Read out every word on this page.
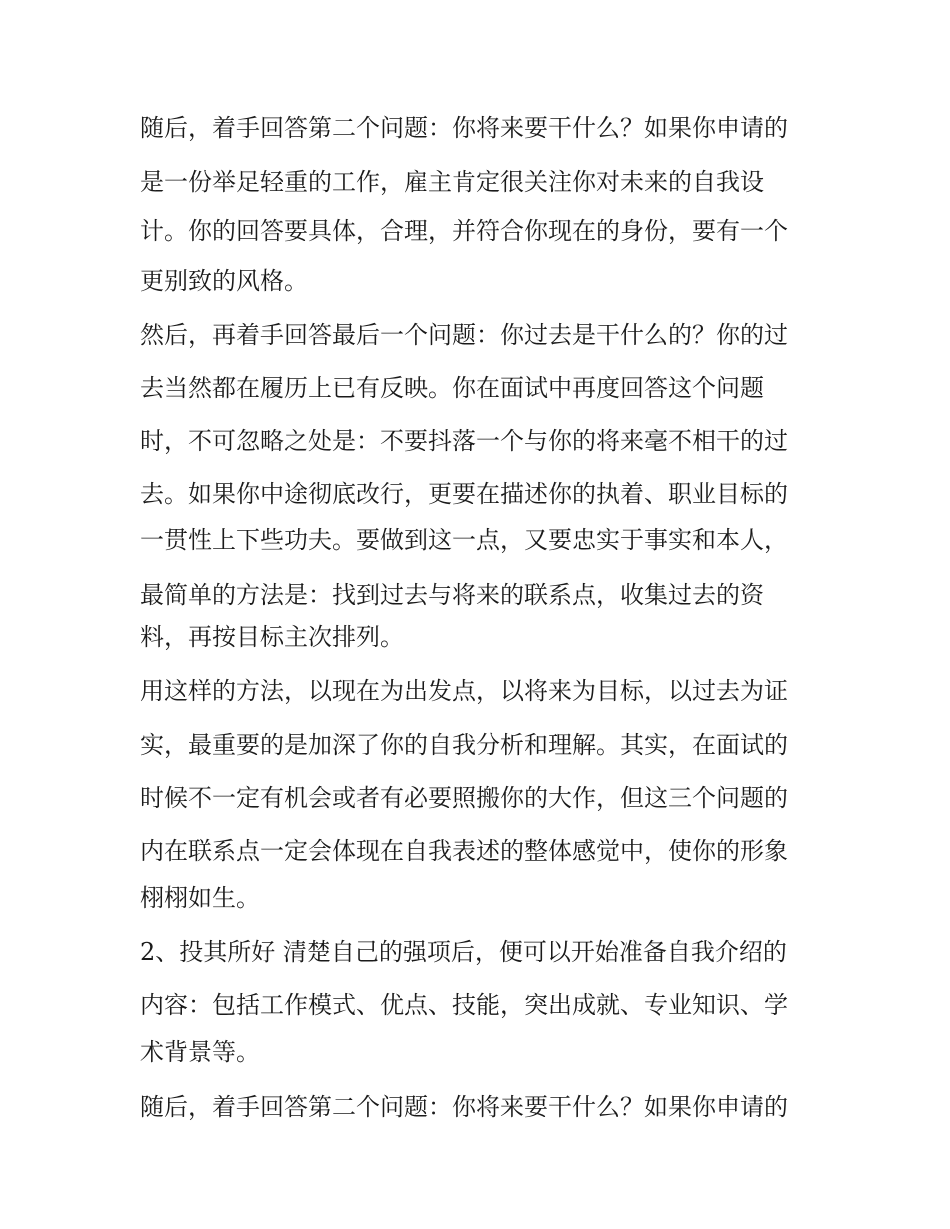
随后，着手回答第二个问题：你将来要干什么？如果你申请的
是一份举足轻重的工作，雇主肯定很关注你对未来的自我设
计。你的回答要具体，合理，并符合你现在的身份，要有一个
更别致的风格。
然后，再着手回答最后一个问题：你过去是干什么的？你的过
去当然都在履历上已有反映。你在面试中再度回答这个问题
时，不可忽略之处是：不要抖落一个与你的将来毫不相干的过
去。如果你中途彻底改行，更要在描述你的执着、职业目标的
一贯性上下些功夫。要做到这一点，又要忠实于事实和本人，
最简单的方法是：找到过去与将来的联系点，收集过去的资
料，再按目标主次排列。
用这样的方法，以现在为出发点，以将来为目标，以过去为证
实，最重要的是加深了你的自我分析和理解。其实，在面试的
时候不一定有机会或者有必要照搬你的大作，但这三个问题的
内在联系点一定会体现在自我表述的整体感觉中，使你的形象
栩栩如生。
2、投其所好 清楚自己的强项后，便可以开始准备自我介绍的
内容：包括工作模式、优点、技能，突出成就、专业知识、学
术背景等。
随后，着手回答第二个问题：你将来要干什么？如果你申请的
